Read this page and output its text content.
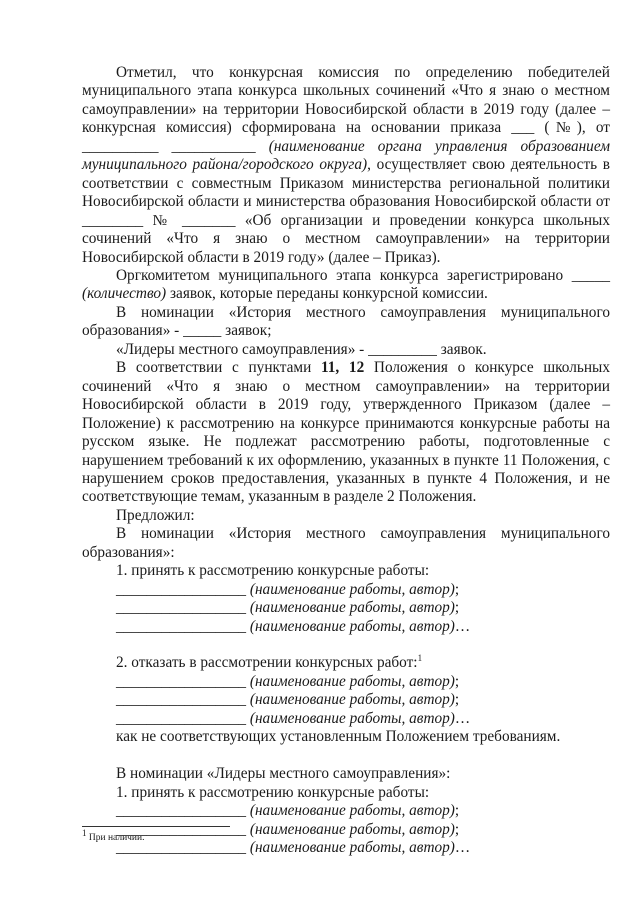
Отметил, что конкурсная комиссия по определению победителей муниципального этапа конкурса школьных сочинений «Что я знаю о местном самоуправлении» на территории Новосибирской области в 2019 году (далее – конкурсная комиссия) сформирована на основании приказа ___ (№), от __________ ___________ (наименование органа управления образованием муниципального района/городского округа), осуществляет свою деятельность в соответствии с совместным Приказом министерства региональной политики Новосибирской области и министерства образования Новосибирской области от ________ № _______ «Об организации и проведении конкурса школьных сочинений «Что я знаю о местном самоуправлении» на территории Новосибирской области в 2019 году» (далее – Приказ).

Оргкомитетом муниципального этапа конкурса зарегистрировано _____ (количество) заявок, которые переданы конкурсной комиссии.

В номинации «История местного самоуправления муниципального образования» - _____ заявок;

«Лидеры местного самоуправления» - _________ заявок.

В соответствии с пунктами 11, 12 Положения о конкурсе школьных сочинений «Что я знаю о местном самоуправлении» на территории Новосибирской области в 2019 году, утвержденного Приказом (далее – Положение) к рассмотрению на конкурсе принимаются конкурсные работы на русском языке. Не подлежат рассмотрению работы, подготовленные с нарушением требований к их оформлению, указанных в пункте 11 Положения, с нарушением сроков предоставления, указанных в пункте 4 Положения, и не соответствующие темам, указанным в разделе 2 Положения.

Предложил:

В номинации «История местного самоуправления муниципального образования»:

1. принять к рассмотрению конкурсные работы:

_________________ (наименование работы, автор);

_________________ (наименование работы, автор);

_________________ (наименование работы, автор)…

2. отказать в рассмотрении конкурсных работ:$^1$

_________________ (наименование работы, автор);

_________________ (наименование работы, автор);

_________________ (наименование работы, автор)…

как не соответствующих установленным Положением требованиям.

В номинации «Лидеры местного самоуправления»:

1. принять к рассмотрению конкурсные работы:

_________________ (наименование работы, автор);

_________________ (наименование работы, автор);

_________________ (наименование работы, автор)…

$^1$ При наличии.
